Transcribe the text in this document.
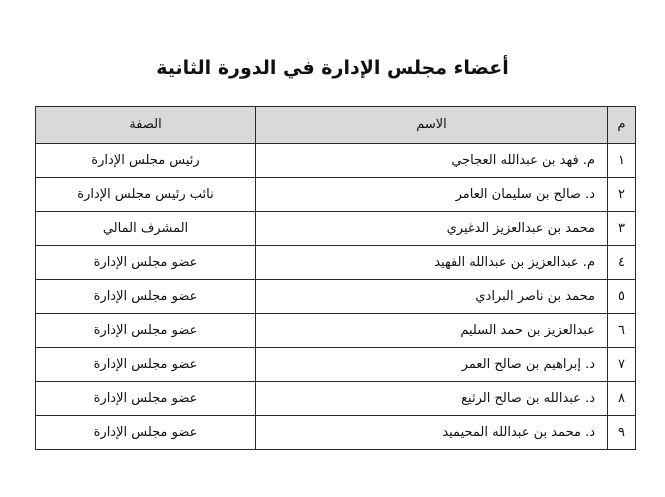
أعضاء مجلس الإدارة في الدورة الثانية
م	الاسم	الصفة
١	م. فهد بن عبدالله العجاجي	رئيس مجلس الإدارة
٢	د. صالح بن سليمان العامر	نائب رئيس مجلس الإدارة
٣	محمد بن عبدالعزيز الدغيري	المشرف المالي
٤	م. عبدالعزيز بن عبدالله الفهيد	عضو مجلس الإدارة
٥	محمد بن ناصر البرادي	عضو مجلس الإدارة
٦	عبدالعزيز بن حمد السليم	عضو مجلس الإدارة
٧	د. إبراهيم بن صالح العمر	عضو مجلس الإدارة
٨	د. عبدالله بن صالح الرثيع	عضو مجلس الإدارة
٩	د. محمد بن عبدالله المحيميد	عضو مجلس الإدارة
